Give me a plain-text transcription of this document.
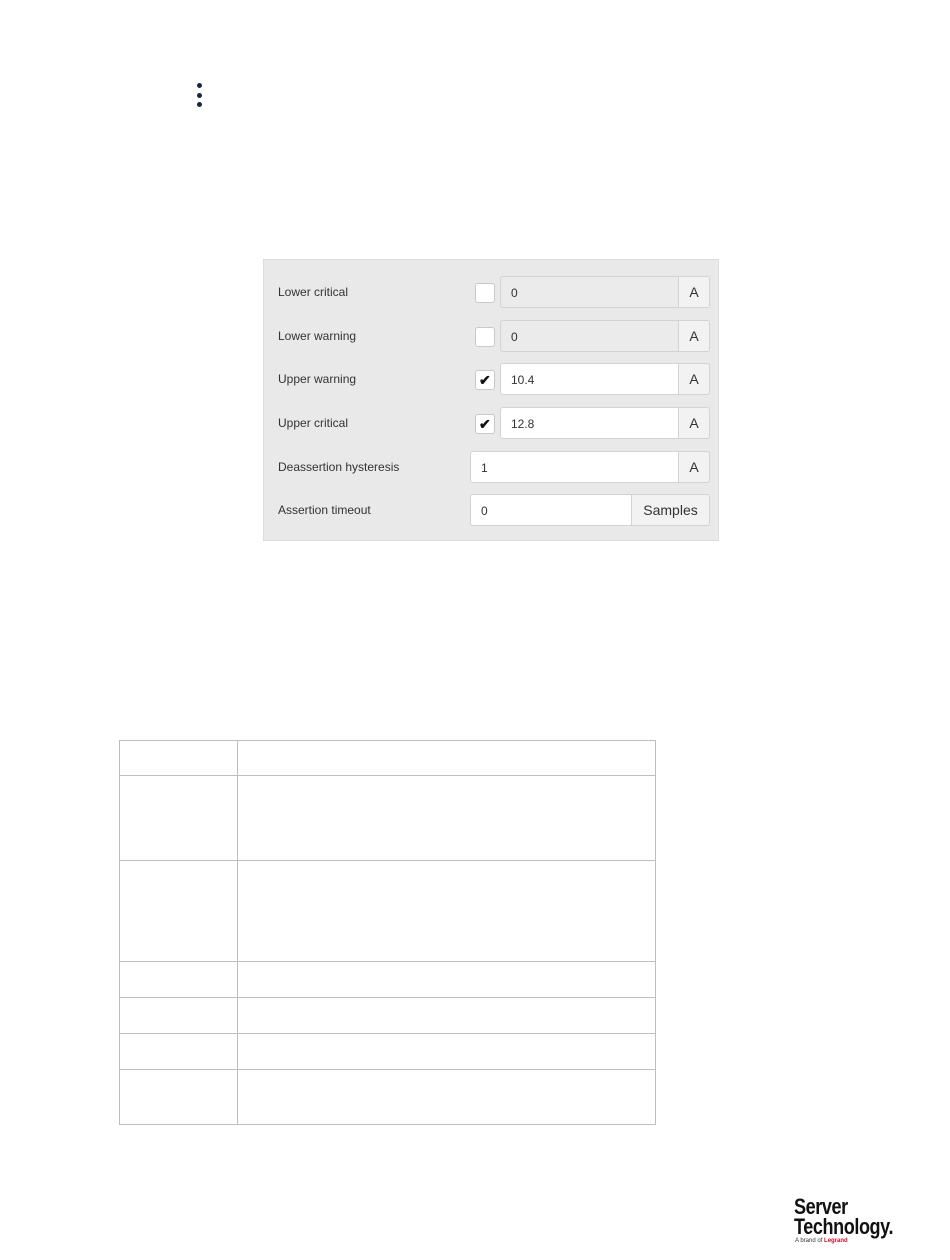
Lower critical	0	A
Lower warning	0	A
Upper warning	✔	10.4	A
Upper critical	✔	12.8	A
Deassertion hysteresis	1	A
Assertion timeout	0	Samples

Server
Technology.
A brand of Legrand
